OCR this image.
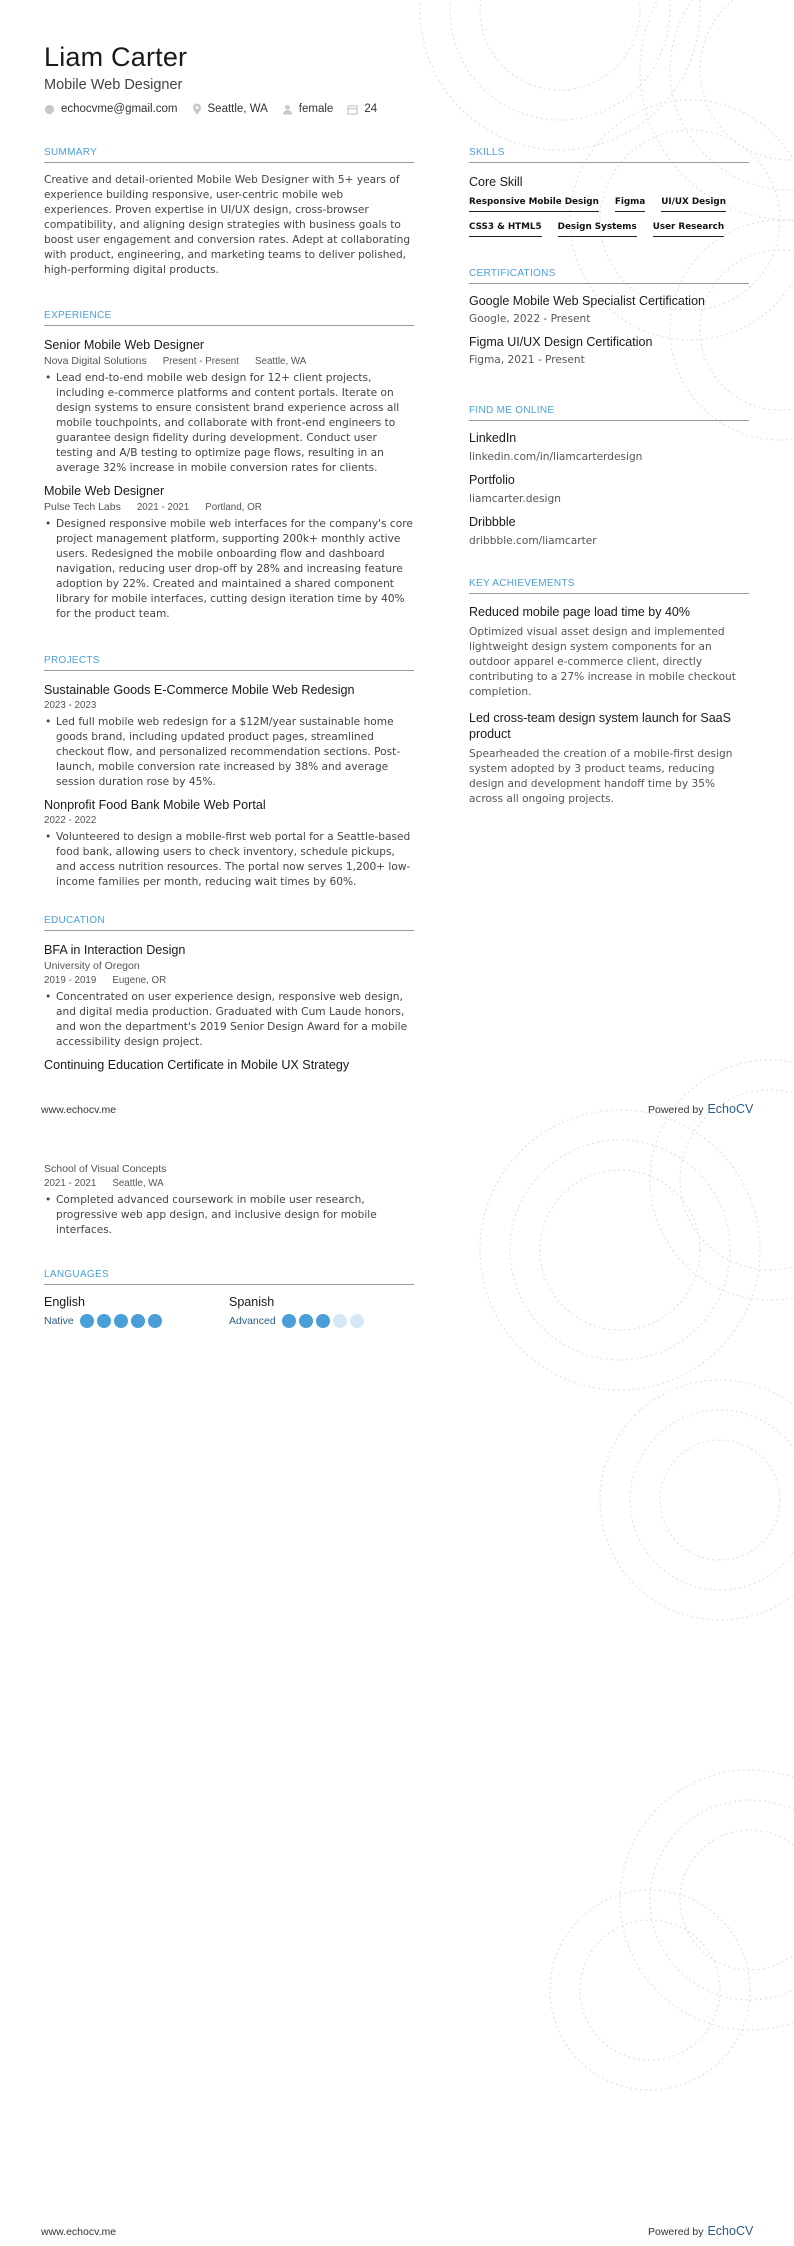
Liam Carter
Mobile Web Designer
echocvme@gmail.com	Seattle, WA	female	24
SUMMARY
Creative and detail-oriented Mobile Web Designer with 5+ years of experience building responsive, user-centric mobile web experiences. Proven expertise in UI/UX design, cross-browser compatibility, and aligning design strategies with business goals to boost user engagement and conversion rates. Adept at collaborating with product, engineering, and marketing teams to deliver polished, high-performing digital products.
EXPERIENCE
Senior Mobile Web Designer
Nova Digital Solutions Present - Present Seattle, WA
• Lead end-to-end mobile web design for 12+ client projects, including e-commerce platforms and content portals. Iterate on design systems to ensure consistent brand experience across all mobile touchpoints, and collaborate with front-end engineers to guarantee design fidelity during development. Conduct user testing and A/B testing to optimize page flows, resulting in an average 32% increase in mobile conversion rates for clients.
Mobile Web Designer
Pulse Tech Labs 2021 - 2021 Portland, OR
• Designed responsive mobile web interfaces for the company's core project management platform, supporting 200k+ monthly active users. Redesigned the mobile onboarding flow and dashboard navigation, reducing user drop-off by 28% and increasing feature adoption by 22%. Created and maintained a shared component library for mobile interfaces, cutting design iteration time by 40% for the product team.
PROJECTS
Sustainable Goods E-Commerce Mobile Web Redesign
2023 - 2023
• Led full mobile web redesign for a $12M/year sustainable home goods brand, including updated product pages, streamlined checkout flow, and personalized recommendation sections. Post-launch, mobile conversion rate increased by 38% and average session duration rose by 45%.
Nonprofit Food Bank Mobile Web Portal
2022 - 2022
• Volunteered to design a mobile-first web portal for a Seattle-based food bank, allowing users to check inventory, schedule pickups, and access nutrition resources. The portal now serves 1,200+ low-income families per month, reducing wait times by 60%.
EDUCATION
BFA in Interaction Design
University of Oregon
2019 - 2019 Eugene, OR
• Concentrated on user experience design, responsive web design, and digital media production. Graduated with Cum Laude honors, and won the department's 2019 Senior Design Award for a mobile accessibility design project.
Continuing Education Certificate in Mobile UX Strategy
SKILLS
Core Skill
Responsive Mobile Design Figma UI/UX Design
CSS3 & HTML5 Design Systems User Research
CERTIFICATIONS
Google Mobile Web Specialist Certification
Google, 2022 - Present
Figma UI/UX Design Certification
Figma, 2021 - Present
FIND ME ONLINE
LinkedIn
linkedin.com/in/liamcarterdesign
Portfolio
liamcarter.design
Dribbble
dribbble.com/liamcarter
KEY ACHIEVEMENTS
Reduced mobile page load time by 40%
Optimized visual asset design and implemented lightweight design system components for an outdoor apparel e-commerce client, directly contributing to a 27% increase in mobile checkout completion.
Led cross-team design system launch for SaaS product
Spearheaded the creation of a mobile-first design system adopted by 3 product teams, reducing design and development handoff time by 35% across all ongoing projects.
www.echocv.me	Powered by EchoCV
School of Visual Concepts
2021 - 2021 Seattle, WA
• Completed advanced coursework in mobile user research, progressive web app design, and inclusive design for mobile interfaces.
LANGUAGES
English
Native
Spanish
Advanced
www.echocv.me	Powered by EchoCV
